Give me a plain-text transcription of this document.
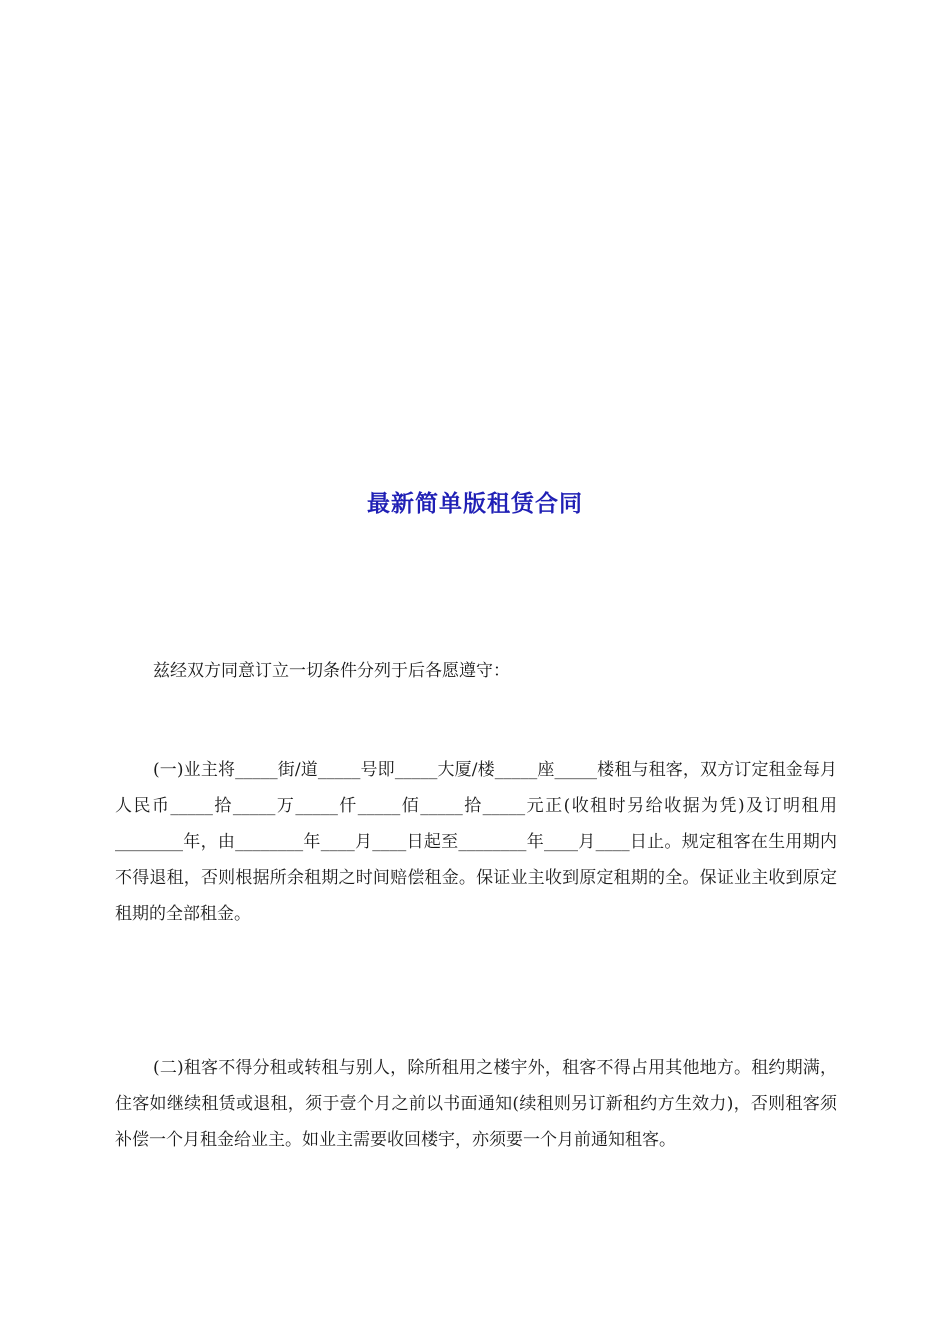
最新简单版租赁合同
兹经双方同意订立一切条件分列于后各愿遵守：
(一)业主将_____街/道_____号即_____大厦/楼_____座_____楼租与租客，双方订定租金每月人民币_____拾_____万_____仟_____佰_____拾_____元正(收租时另给收据为凭)及订明租用________年，由________年____月____日起至________年____月____日止。规定租客在生用期内不得退租，否则根据所余租期之时间赔偿租金。保证业主收到原定租期的全。保证业主收到原定租期的全部租金。
(二)租客不得分租或转租与别人，除所租用之楼宇外，租客不得占用其他地方。租约期满，住客如继续租赁或退租，须于壹个月之前以书面通知(续租则另订新租约方生效力)，否则租客须补偿一个月租金给业主。如业主需要收回楼宇，亦须要一个月前通知租客。
